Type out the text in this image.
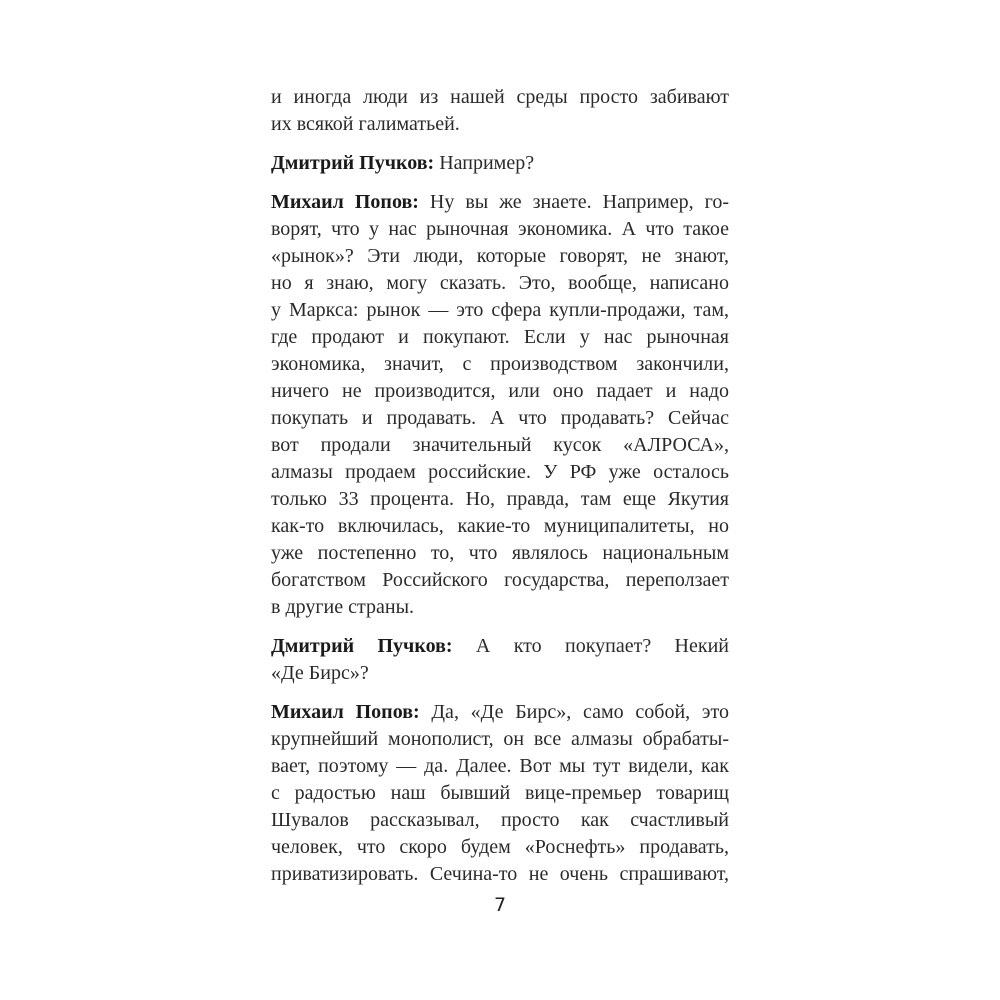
и иногда люди из нашей среды просто забивают
их всякой галиматьей.
Дмитрий Пучков: Например?
Михаил Попов: Ну вы же знаете. Например, го-
ворят, что у нас рыночная экономика. А что такое
«рынок»? Эти люди, которые говорят, не знают,
но я знаю, могу сказать. Это, вообще, написано
у Маркса: рынок — это сфера купли-продажи, там,
где продают и покупают. Если у нас рыночная
экономика, значит, с производством закончили,
ничего не производится, или оно падает и надо
покупать и продавать. А что продавать? Сейчас
вот продали значительный кусок «АЛРОСА»,
алмазы продаем российские. У РФ уже осталось
только 33 процента. Но, правда, там еще Якутия
как-то включилась, какие-то муниципалитеты, но
уже постепенно то, что являлось национальным
богатством Российского государства, переползает
в другие страны.
Дмитрий Пучков: А кто покупает? Некий
«Де Бирс»?
Михаил Попов: Да, «Де Бирс», само собой, это
крупнейший монополист, он все алмазы обрабаты-
вает, поэтому — да. Далее. Вот мы тут видели, как
с радостью наш бывший вице-премьер товарищ
Шувалов рассказывал, просто как счастливый
человек, что скоро будем «Роснефть» продавать,
приватизировать. Сечина-то не очень спрашивают,
7
